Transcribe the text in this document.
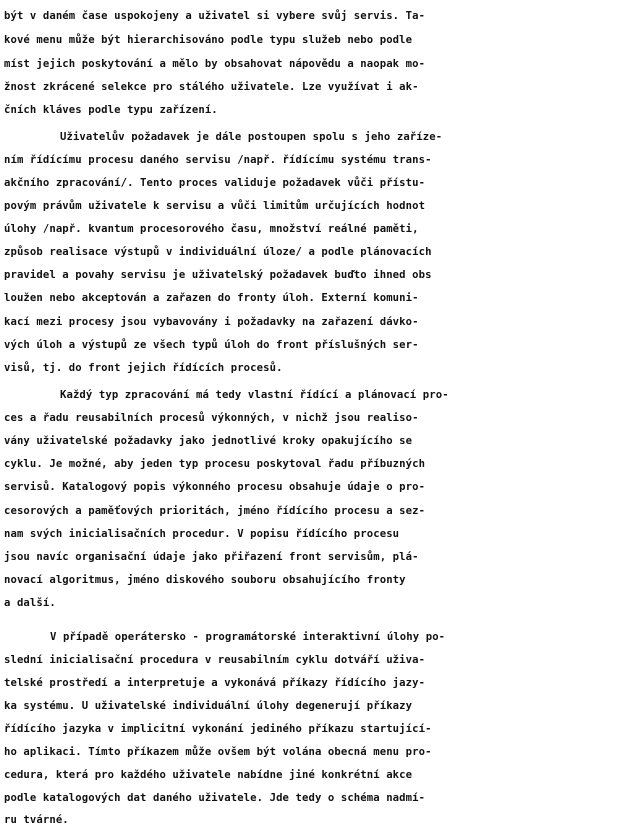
být v daném čase uspokojeny a uživatel si vybere svůj servis. Ta-
kové menu může být hierarchisováno podle typu služeb nebo podle
míst jejich poskytování a mělo by obsahovat nápovědu a naopak mo-
žnost zkrácené selekce pro stálého uživatele. Lze využívat i ak-
čních kláves podle typu zařízení.
Uživatelův požadavek je dále postoupen spolu s jeho zaříze-
ním řídícímu procesu daného servisu /např. řídícímu systému trans-
akčního zpracování/. Tento proces validuje požadavek vůči přístu-
povým právům uživatele k servisu a vůči limitům určujících hodnot
úlohy /např. kvantum procesorového času, množství reálné paměti,
způsob realisace výstupů v individuální úloze/ a podle plánovacích
pravidel a povahy servisu je uživatelský požadavek buďto ihned obs
loužen nebo akceptován a zařazen do fronty úloh. Externí komuni-
kací mezi procesy jsou vybavovány i požadavky na zařazení dávko-
vých úloh a výstupů ze všech typů úloh do front příslušných ser-
visů, tj. do front jejich řídících procesů.
Každý typ zpracování má tedy vlastní řídící a plánovací pro-
ces a řadu reusabilních procesů výkonných, v nichž jsou realiso-
vány uživatelské požadavky jako jednotlivé kroky opakujícího se
cyklu. Je možné, aby jeden typ procesu poskytoval řadu příbuzných
servisů. Katalogový popis výkonného procesu obsahuje údaje o pro-
cesorových a paměťových prioritách, jméno řídícího procesu a sez-
nam svých inicialisačních procedur. V popisu řídícího procesu
jsou navíc organisační údaje jako přiřazení front servisům, plá-
novací algoritmus, jméno diskového souboru obsahujícího fronty
a další.
V případě operátersko - programátorské interaktivní úlohy po-
slední inicialisační procedura v reusabilním cyklu dotváří uživa-
telské prostředí a interpretuje a vykonává příkazy řídícího jazy-
ka systému. U uživatelské individuální úlohy degenerují příkazy
řídícího jazyka v implicitní vykonání jediného příkazu startující-
ho aplikaci. Tímto příkazem může ovšem být volána obecná menu pro-
cedura, která pro každého uživatele nabídne jiné konkrétní akce
podle katalogových dat daného uživatele. Jde tedy o schéma nadmí-
ru tvárné.
